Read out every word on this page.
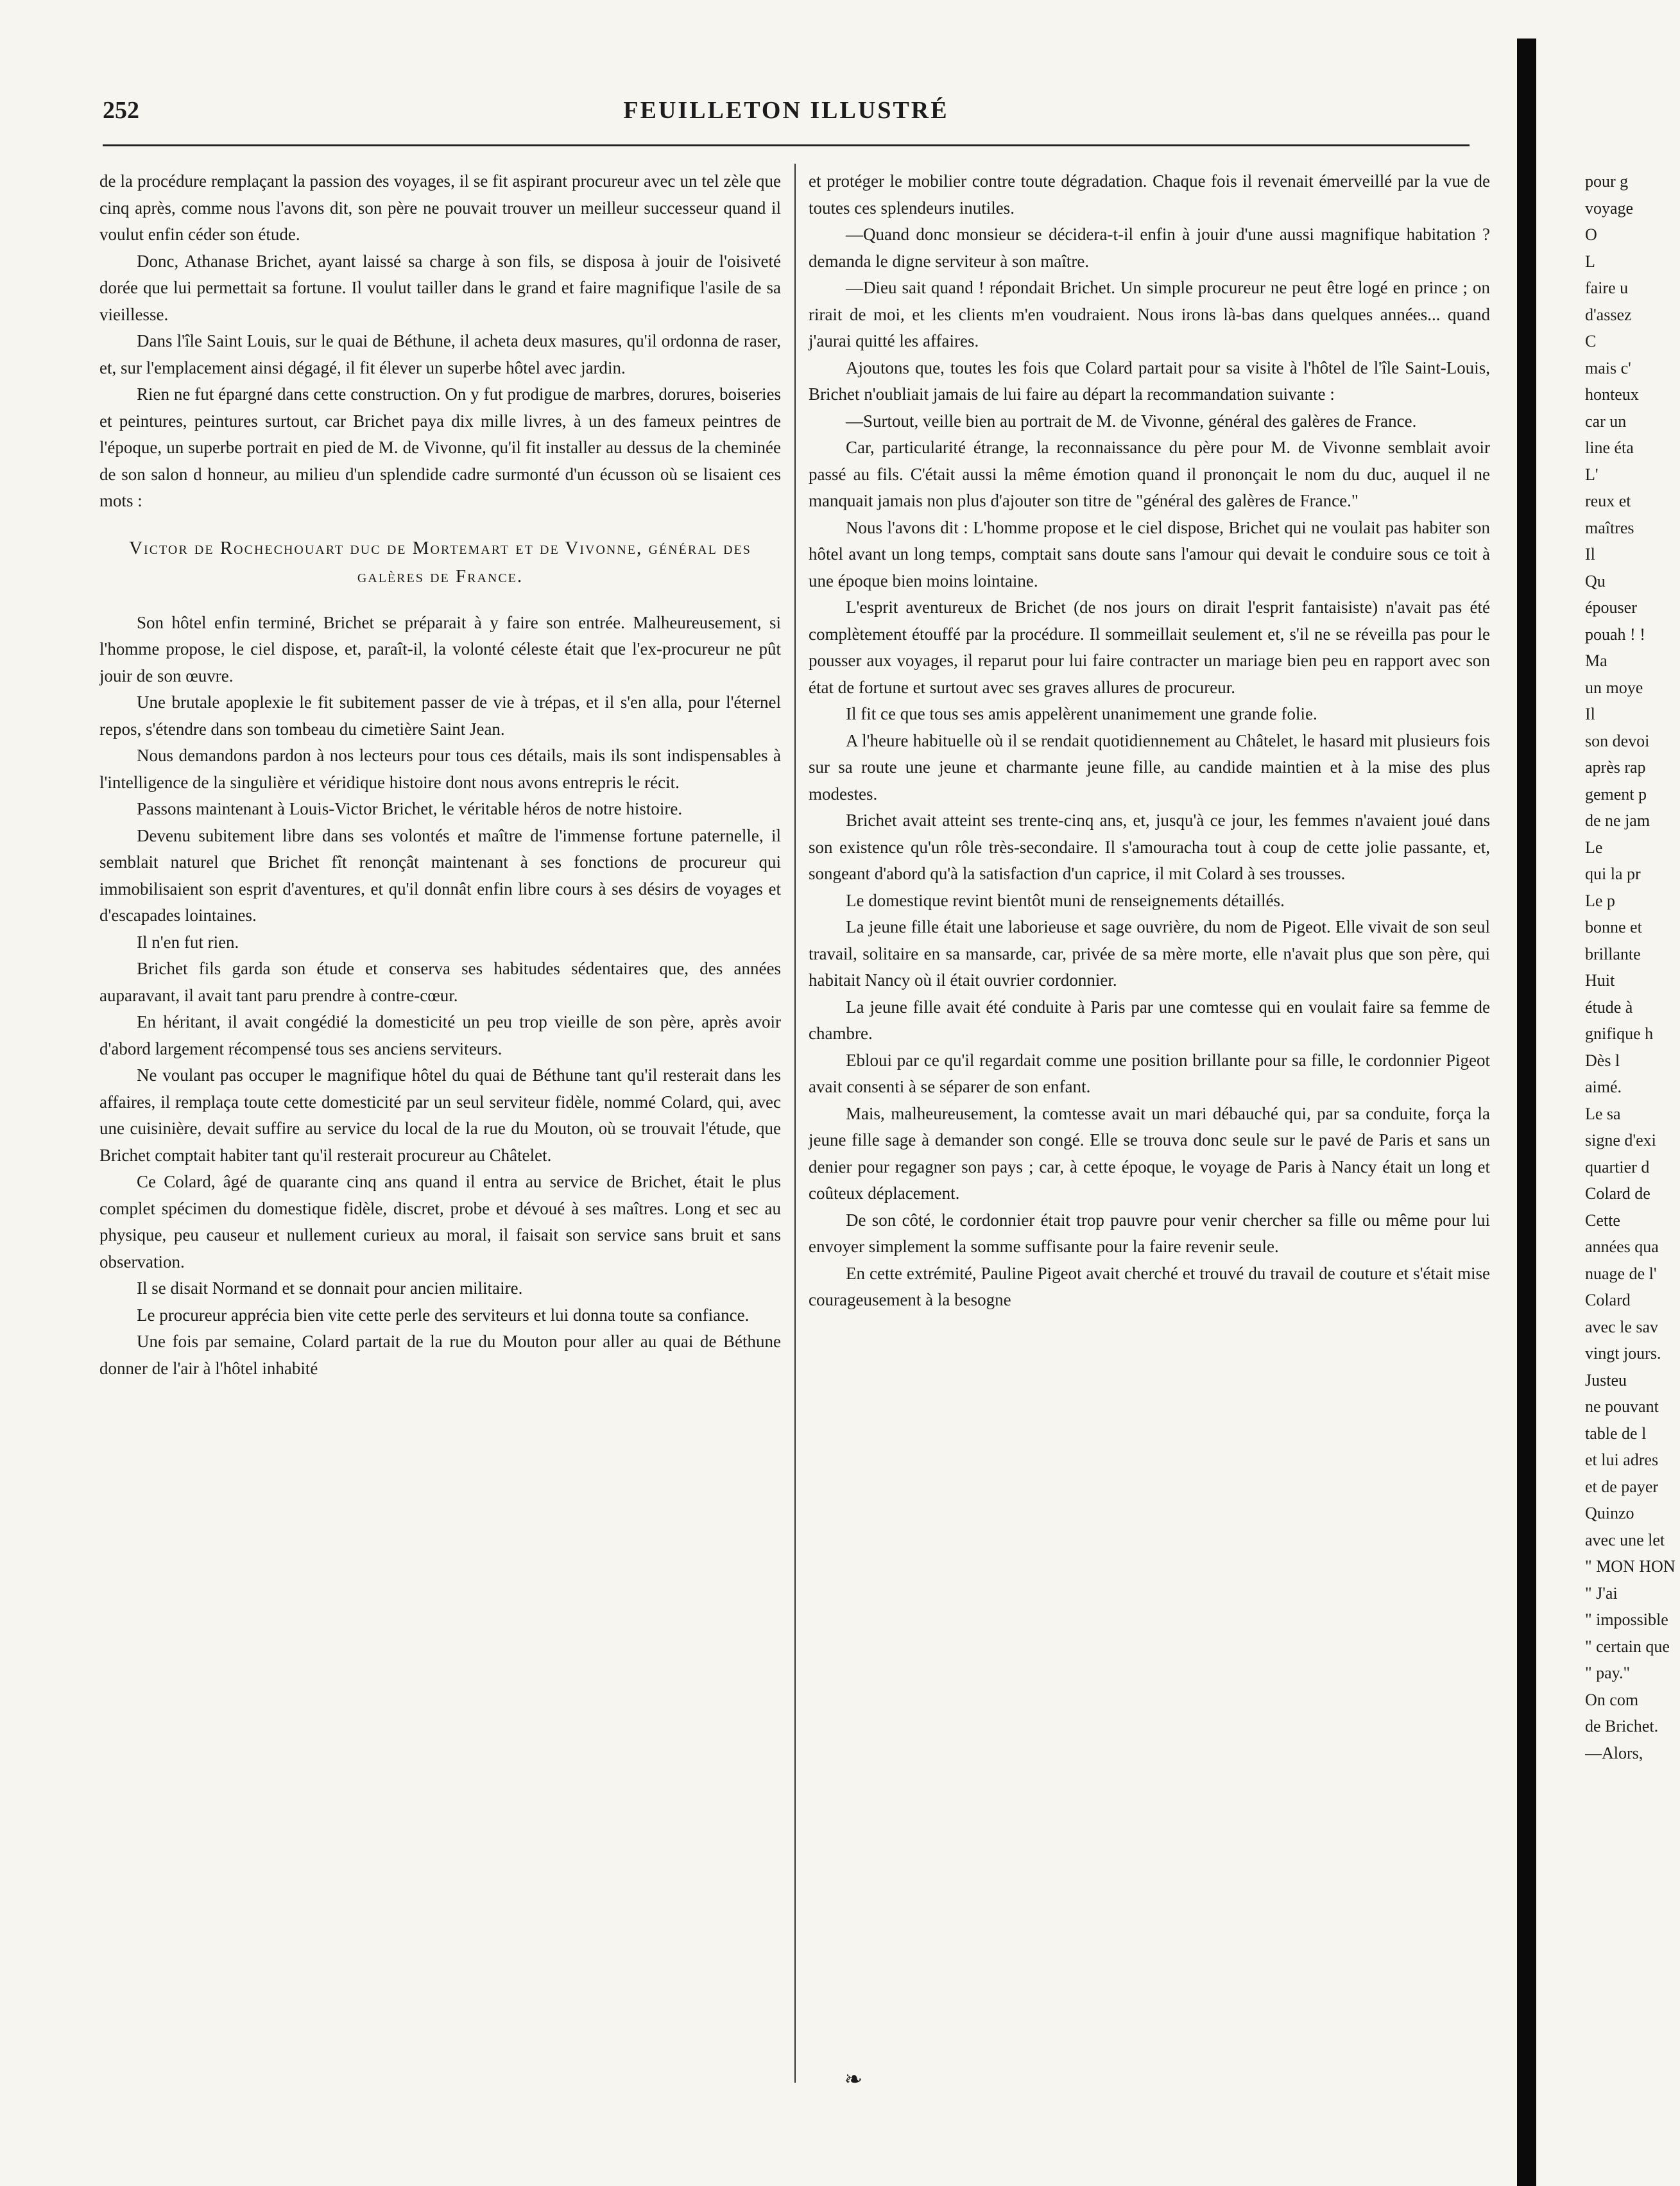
252	FEUILLETON ILLUSTRÉ

de la procédure remplaçant la passion des voyages, il se fit aspirant procureur avec un tel zèle que cinq après, comme nous l'avons dit, son père ne pouvait trouver un meilleur successeur quand il voulut enfin céder son étude.

Donc, Athanase Brichet, ayant laissé sa charge à son fils, se disposa à jouir de l'oisiveté dorée que lui permettait sa fortune. Il voulut tailler dans le grand et faire magnifique l'asile de sa vieillesse.

Dans l'île Saint Louis, sur le quai de Béthune, il acheta deux masures, qu'il ordonna de raser, et, sur l'emplacement ainsi dégagé, il fit élever un superbe hôtel avec jardin.

Rien ne fut épargné dans cette construction. On y fut prodigue de marbres, dorures, boiseries et peintures, peintures surtout, car Brichet paya dix mille livres, à un des fameux peintres de l'époque, un superbe portrait en pied de M. de Vivonne, qu'il fit installer au dessus de la cheminée de son salon d honneur, au milieu d'un splendide cadre surmonté d'un écusson où se lisaient ces mots :

Victor de Rochechouart duc de Mortemart et de Vivonne, général des galères de France.

Son hôtel enfin terminé, Brichet se préparait à y faire son entrée. Malheureusement, si l'homme propose, le ciel dispose, et, paraît-il, la volonté céleste était que l'ex-procureur ne pût jouir de son œuvre.

Une brutale apoplexie le fit subitement passer de vie à trépas, et il s'en alla, pour l'éternel repos, s'étendre dans son tombeau du cimetière Saint Jean.

Nous demandons pardon à nos lecteurs pour tous ces détails, mais ils sont indispensables à l'intelligence de la singulière et véridique histoire dont nous avons entrepris le récit.

Passons maintenant à Louis-Victor Brichet, le véritable héros de notre histoire.

Devenu subitement libre dans ses volontés et maître de l'immense fortune paternelle, il semblait naturel que Brichet fît renonçât maintenant à ses fonctions de procureur qui immobilisaient son esprit d'aventures, et qu'il donnât enfin libre cours à ses désirs de voyages et d'escapades lointaines.

Il n'en fut rien.

Brichet fils garda son étude et conserva ses habitudes sédentaires que, des années auparavant, il avait tant paru prendre à contre-cœur.

En héritant, il avait congédié la domesticité un peu trop vieille de son père, après avoir d'abord largement récompensé tous ses anciens serviteurs.

Ne voulant pas occuper le magnifique hôtel du quai de Béthune tant qu'il resterait dans les affaires, il remplaça toute cette domesticité par un seul serviteur fidèle, nommé Colard, qui, avec une cuisinière, devait suffire au service du local de la rue du Mouton, où se trouvait l'étude, que Brichet comptait habiter tant qu'il resterait procureur au Châtelet.

Ce Colard, âgé de quarante cinq ans quand il entra au service de Brichet, était le plus complet spécimen du domestique fidèle, discret, probe et dévoué à ses maîtres. Long et sec au physique, peu causeur et nullement curieux au moral, il faisait son service sans bruit et sans observation.

Il se disait Normand et se donnait pour ancien militaire.

Le procureur apprécia bien vite cette perle des serviteurs et lui donna toute sa confiance.

Une fois par semaine, Colard partait de la rue du Mouton pour aller au quai de Béthune donner de l'air à l'hôtel inhabité

et protéger le mobilier contre toute dégradation. Chaque fois il revenait émerveillé par la vue de toutes ces splendeurs inutiles.

—Quand donc monsieur se décidera-t-il enfin à jouir d'une aussi magnifique habitation ? demanda le digne serviteur à son maître.

—Dieu sait quand ! répondait Brichet. Un simple procureur ne peut être logé en prince ; on rirait de moi, et les clients m'en voudraient. Nous irons là-bas dans quelques années... quand j'aurai quitté les affaires.

Ajoutons que, toutes les fois que Colard partait pour sa visite à l'hôtel de l'île Saint-Louis, Brichet n'oubliait jamais de lui faire au départ la recommandation suivante :

—Surtout, veille bien au portrait de M. de Vivonne, général des galères de France.

Car, particularité étrange, la reconnaissance du père pour M. de Vivonne semblait avoir passé au fils. C'était aussi la même émotion quand il prononçait le nom du duc, auquel il ne manquait jamais non plus d'ajouter son titre de "général des galères de France."

Nous l'avons dit : L'homme propose et le ciel dispose, Brichet qui ne voulait pas habiter son hôtel avant un long temps, comptait sans doute sans l'amour qui devait le conduire sous ce toit à une époque bien moins lointaine.

L'esprit aventureux de Brichet (de nos jours on dirait l'esprit fantaisiste) n'avait pas été complètement étouffé par la procédure. Il sommeillait seulement et, s'il ne se réveilla pas pour le pousser aux voyages, il reparut pour lui faire contracter un mariage bien peu en rapport avec son état de fortune et surtout avec ses graves allures de procureur.

Il fit ce que tous ses amis appelèrent unanimement une grande folie.

A l'heure habituelle où il se rendait quotidiennement au Châtelet, le hasard mit plusieurs fois sur sa route une jeune et charmante jeune fille, au candide maintien et à la mise des plus modestes.

Brichet avait atteint ses trente-cinq ans, et, jusqu'à ce jour, les femmes n'avaient joué dans son existence qu'un rôle très-secondaire. Il s'amouracha tout à coup de cette jolie passante, et, songeant d'abord qu'à la satisfaction d'un caprice, il mit Colard à ses trousses.

Le domestique revint bientôt muni de renseignements détaillés.

La jeune fille était une laborieuse et sage ouvrière, du nom de Pigeot. Elle vivait de son seul travail, solitaire en sa mansarde, car, privée de sa mère morte, elle n'avait plus que son père, qui habitait Nancy où il était ouvrier cordonnier.

La jeune fille avait été conduite à Paris par une comtesse qui en voulait faire sa femme de chambre.

Ebloui par ce qu'il regardait comme une position brillante pour sa fille, le cordonnier Pigeot avait consenti à se séparer de son enfant.

Mais, malheureusement, la comtesse avait un mari débauché qui, par sa conduite, força la jeune fille sage à demander son congé. Elle se trouva donc seule sur le pavé de Paris et sans un denier pour regagner son pays ; car, à cette époque, le voyage de Paris à Nancy était un long et coûteux déplacement.

De son côté, le cordonnier était trop pauvre pour venir chercher sa fille ou même pour lui envoyer simplement la somme suffisante pour la faire revenir seule.

En cette extrémité, Pauline Pigeot avait cherché et trouvé du travail de couture et s'était mise courageusement à la besogne

pour g
voyage
O
L
faire u
d'assez
C
mais c'
honteux
car un
line éta
L'
reux et
maîtres
Il
Qu
épouser
pouah ! !
Ma
un moye
Il
son devoi
après rap
gement p
de ne jam
Le
qui la pr
Le p
bonne et
brillante
Huit
étude à
gnifique h
Dès l
aimé.
Le sa
signe d'exi
quartier d
Colard de
Cette
années qua
nuage de l'
Colard
avec le sav
vingt jours.
Justeu
ne pouvant
table de l
et lui adres
et de payer
Quinzo
avec une let
" MON HON
" J'ai
" impossible
" certain que
" pay."
On com
de Brichet.
—Alors,
❧
